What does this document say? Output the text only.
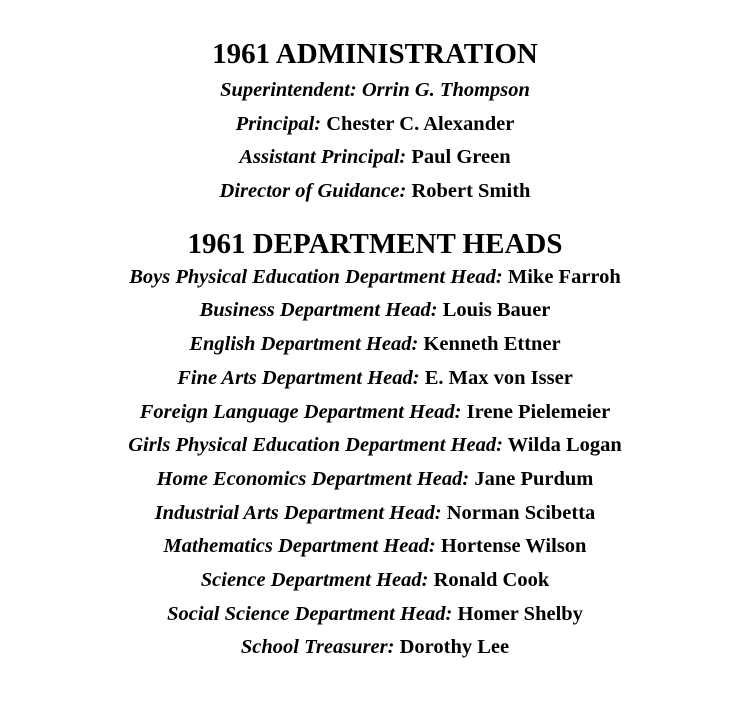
1961 ADMINISTRATION
Superintendent: Orrin G. Thompson
Principal: Chester C. Alexander
Assistant Principal: Paul Green
Director of Guidance: Robert Smith
1961 DEPARTMENT HEADS
Boys Physical Education Department Head: Mike Farroh
Business Department Head: Louis Bauer
English Department Head: Kenneth Ettner
Fine Arts Department Head: E. Max von Isser
Foreign Language Department Head: Irene Pielemeier
Girls Physical Education Department Head: Wilda Logan
Home Economics Department Head: Jane Purdum
Industrial Arts Department Head: Norman Scibetta
Mathematics Department Head: Hortense Wilson
Science Department Head: Ronald Cook
Social Science Department Head: Homer Shelby
School Treasurer: Dorothy Lee
